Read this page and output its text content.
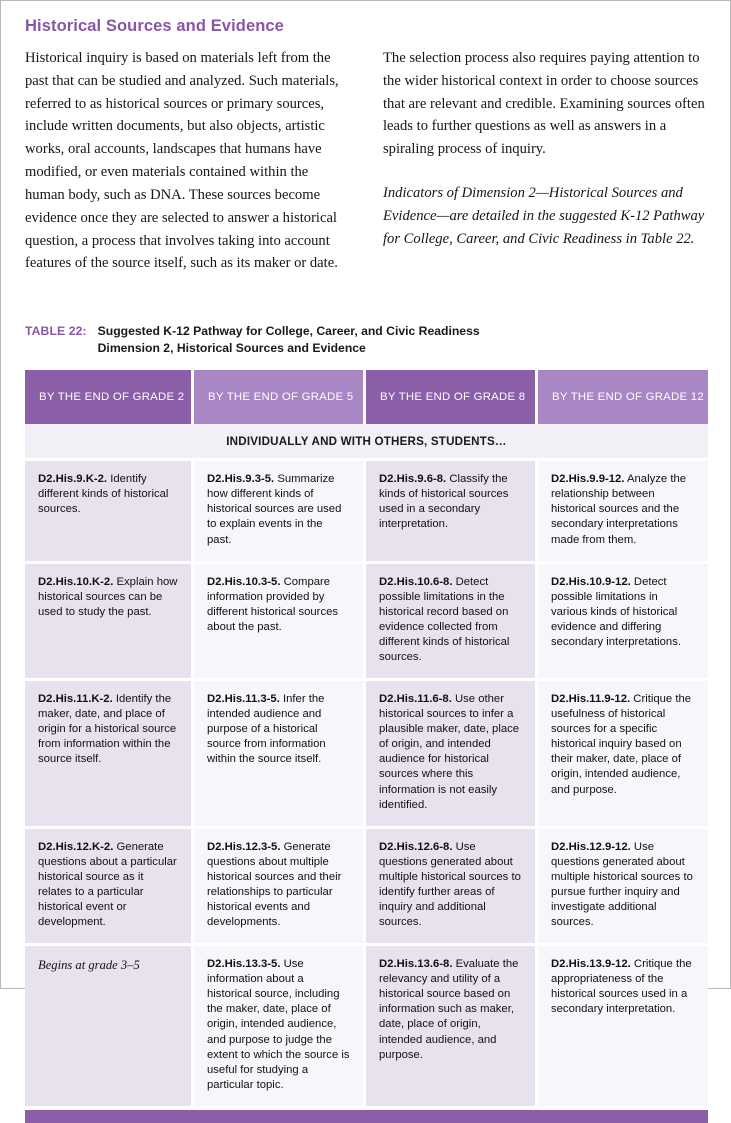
Historical Sources and Evidence

Historical inquiry is based on materials left from the past that can be studied and analyzed. Such materials, referred to as historical sources or primary sources, include written documents, but also objects, artistic works, oral accounts, landscapes that humans have modified, or even materials contained within the human body, such as DNA. These sources become evidence once they are selected to answer a historical question, a process that involves taking into account features of the source itself, such as its maker or date.

The selection process also requires paying attention to the wider historical context in order to choose sources that are relevant and credible. Examining sources often leads to further questions as well as answers in a spiraling process of inquiry.

Indicators of Dimension 2—Historical Sources and Evidence—are detailed in the suggested K-12 Pathway for College, Career, and Civic Readiness in Table 22.

TABLE 22: Suggested K-12 Pathway for College, Career, and Civic Readiness
Dimension 2, Historical Sources and Evidence
BY THE END OF GRADE 2		BY THE END OF GRADE 5		BY THE END OF GRADE 8		BY THE END OF GRADE 12

INDIVIDUALLY AND WITH OTHERS, STUDENTS…						

D2.His.9.K-2. Identify different kinds of historical sources.		D2.His.9.3-5. Summarize how different kinds of historical sources are used to explain events in the past.		D2.His.9.6-8. Classify the kinds of historical sources used in a secondary interpretation.		D2.His.9.9-12. Analyze the relationship between historical sources and the secondary interpretations made from them.

D2.His.10.K-2. Explain how historical sources can be used to study the past.		D2.His.10.3-5. Compare information provided by different historical sources about the past.		D2.His.10.6-8. Detect possible limitations in the historical record based on evidence collected from different kinds of historical sources.		D2.His.10.9-12. Detect possible limitations in various kinds of historical evidence and differing secondary interpretations.

D2.His.11.K-2. Identify the maker, date, and place of origin for a historical source from information within the source itself.		D2.His.11.3-5. Infer the intended audience and purpose of a historical source from information within the source itself.		D2.His.11.6-8. Use other historical sources to infer a plausible maker, date, place of origin, and intended audience for historical sources where this information is not easily identified.		D2.His.11.9-12. Critique the usefulness of historical sources for a specific historical inquiry based on their maker, date, place of origin, intended audience, and purpose.

D2.His.12.K-2. Generate questions about a particular historical source as it relates to a particular historical event or development.		D2.His.12.3-5. Generate questions about multiple historical sources and their relationships to particular historical events and developments.		D2.His.12.6-8. Use questions generated about multiple historical sources to identify further areas of inquiry and additional sources.		D2.His.12.9-12. Use questions generated about multiple historical sources to pursue further inquiry and investigate additional sources.

Begins at grade 3–5		D2.His.13.3-5. Use information about a historical source, including the maker, date, place of origin, intended audience, and purpose to judge the extent to which the source is useful for studying a particular topic.		D2.His.13.6-8. Evaluate the relevancy and utility of a historical source based on information such as maker, date, place of origin, intended audience, and purpose.		D2.His.13.9-12. Critique the appropriateness of the historical sources used in a secondary interpretation.
